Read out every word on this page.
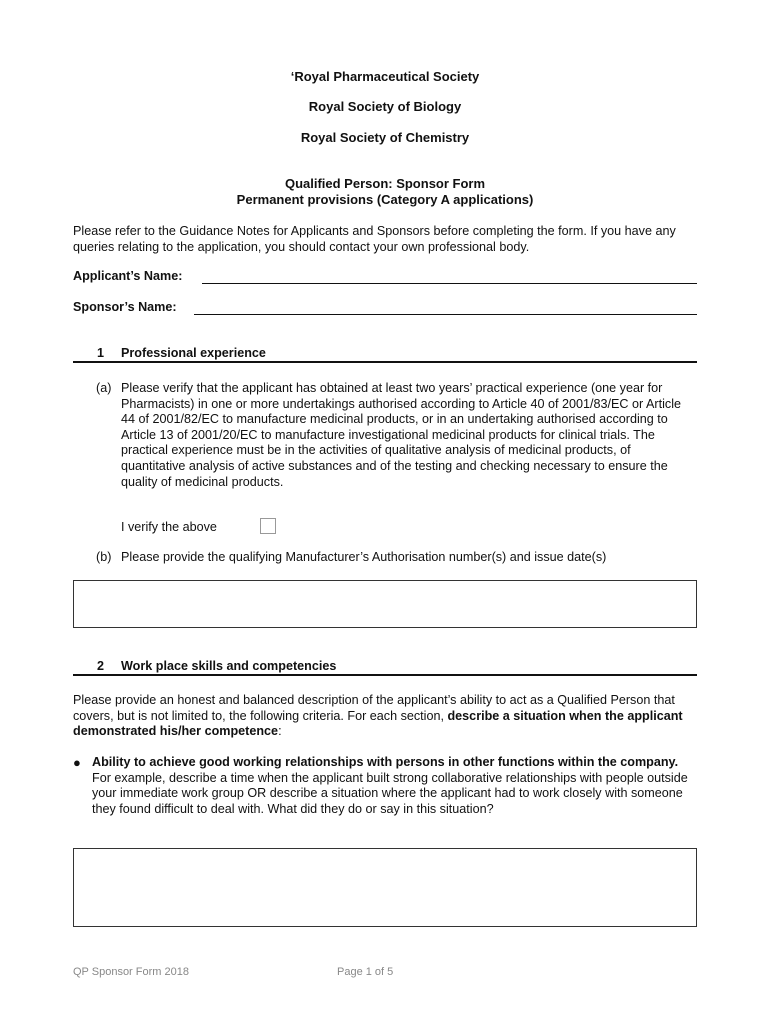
‘Royal Pharmaceutical Society
Royal Society of Biology
Royal Society of Chemistry
Qualified Person: Sponsor Form
Permanent provisions (Category A applications)
Please refer to the Guidance Notes for Applicants and Sponsors before completing the form. If you have any queries relating to the application, you should contact your own professional body.
Applicant’s Name:
Sponsor’s Name:
1 Professional experience
(a) Please verify that the applicant has obtained at least two years’ practical experience (one year for Pharmacists) in one or more undertakings authorised according to Article 40 of 2001/83/EC or Article 44 of 2001/82/EC to manufacture medicinal products, or in an undertaking authorised according to Article 13 of 2001/20/EC to manufacture investigational medicinal products for clinical trials. The practical experience must be in the activities of qualitative analysis of medicinal products, of quantitative analysis of active substances and of the testing and checking necessary to ensure the quality of medicinal products.
I verify the above
(b) Please provide the qualifying Manufacturer’s Authorisation number(s) and issue date(s)
2 Work place skills and competencies
Please provide an honest and balanced description of the applicant’s ability to act as a Qualified Person that covers, but is not limited to, the following criteria. For each section, describe a situation when the applicant demonstrated his/her competence:
● Ability to achieve good working relationships with persons in other functions within the company. For example, describe a time when the applicant built strong collaborative relationships with people outside your immediate work group OR describe a situation where the applicant had to work closely with someone they found difficult to deal with. What did they do or say in this situation?
QP Sponsor Form 2018	Page 1 of 5
